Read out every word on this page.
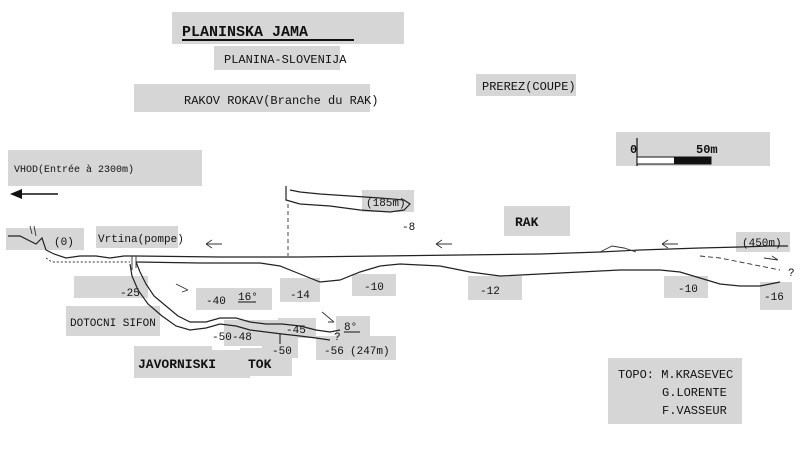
PLANINSKA JAMA
PLANINA-SLOVENIJA
PREREZ(COUPE)
RAKOV ROKAV(Branche du RAK)
0	50m
VHOD(Entrée à 2300m)
RAK
Vrtina(pompe)
(0)
(185m)
(450m)
(247m)
?
?
-25
-40 16°	-14
-10	-12	-10
-16
-8
-48
-45	8°
-50
-50	-56
DOTOCNI SIFON
JAVORNISKI TOK
TOPO: M.KRASEVEC
G.LORENTE
F.VASSEUR
